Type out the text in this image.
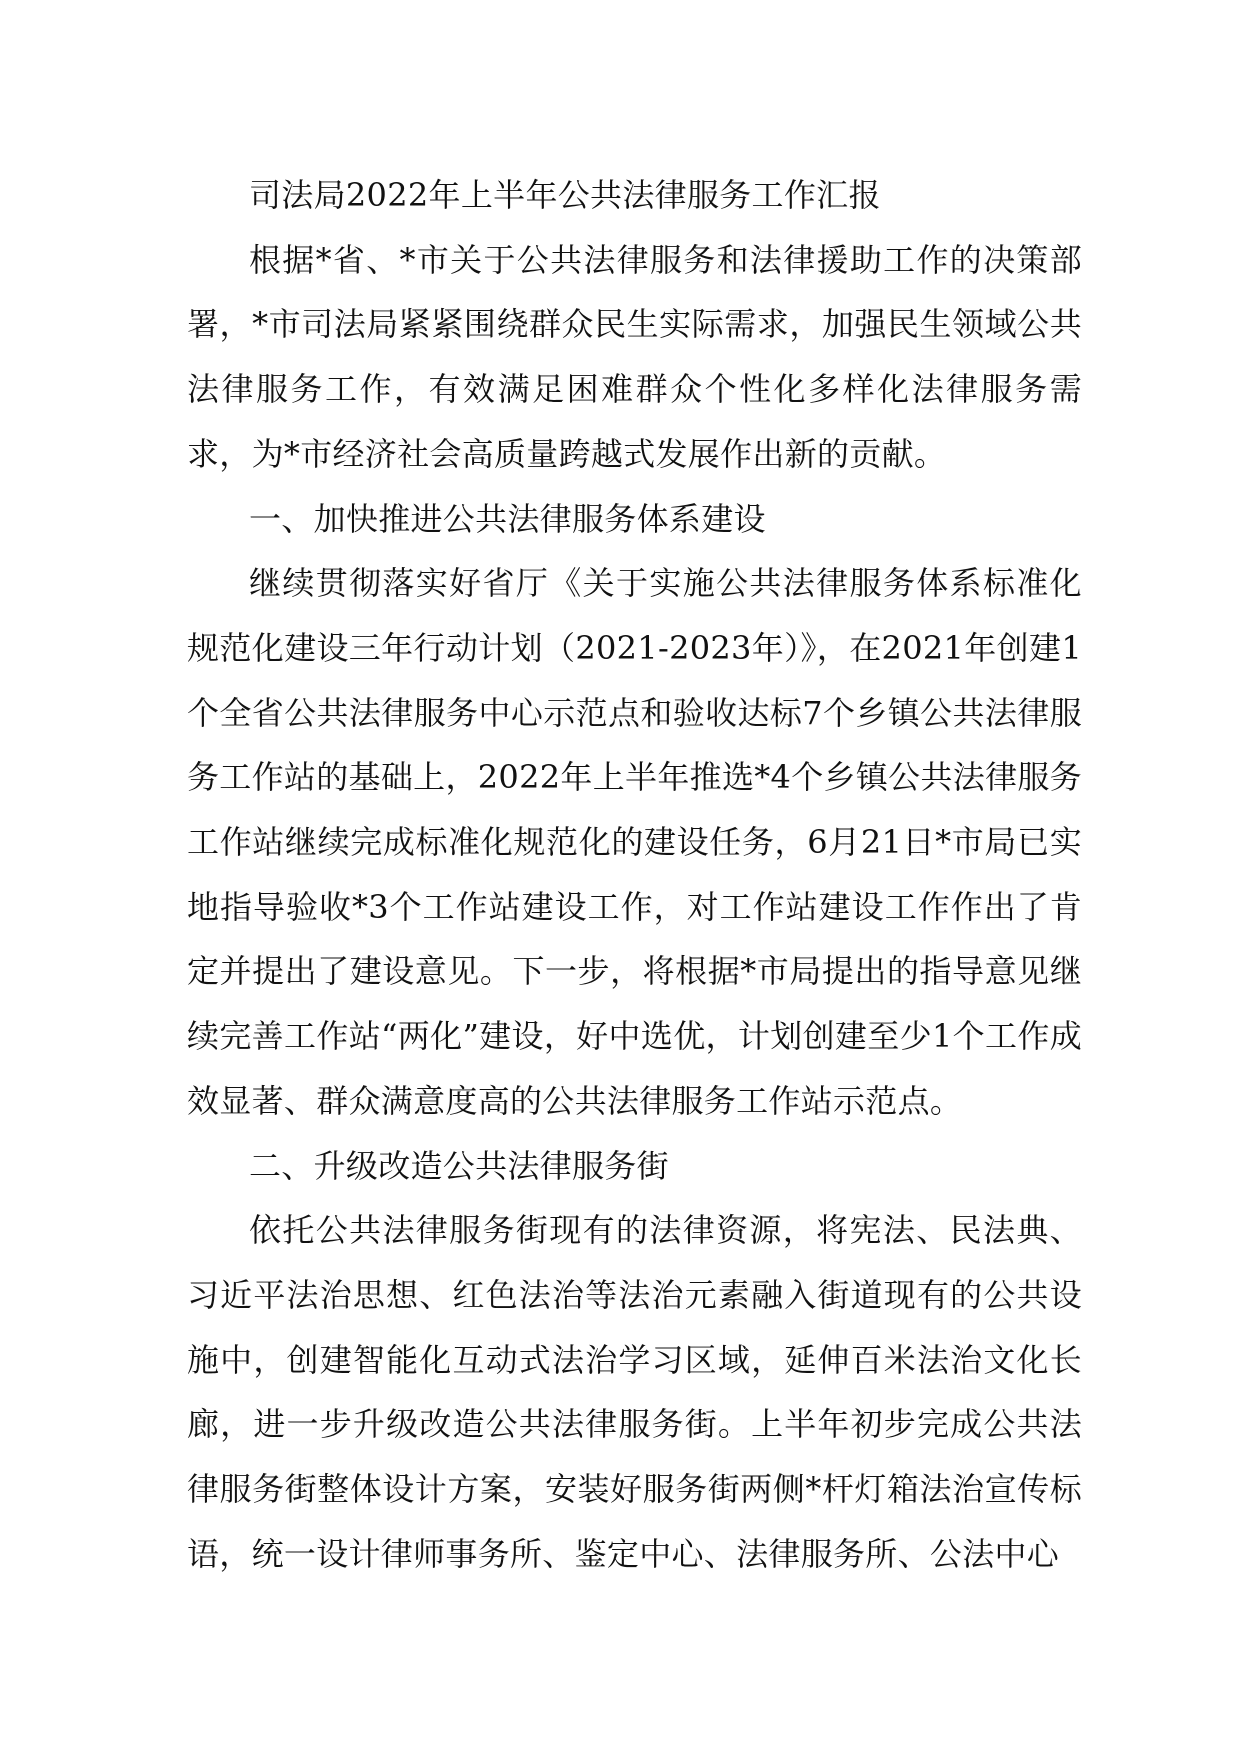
司法局2022年上半年公共法律服务工作汇报

根据*省、*市关于公共法律服务和法律援助工作的决策部署，*市司法局紧紧围绕群众民生实际需求，加强民生领域公共法律服务工作，有效满足困难群众个性化多样化法律服务需求，为*市经济社会高质量跨越式发展作出新的贡献。

一、加快推进公共法律服务体系建设

继续贯彻落实好省厅《关于实施公共法律服务体系标准化规范化建设三年行动计划（2021-2023年）》，在2021年创建1个全省公共法律服务中心示范点和验收达标7个乡镇公共法律服务工作站的基础上，2022年上半年推选*4个乡镇公共法律服务工作站继续完成标准化规范化的建设任务，6月21日*市局已实地指导验收*3个工作站建设工作，对工作站建设工作作出了肯定并提出了建设意见。下一步，将根据*市局提出的指导意见继续完善工作站“两化”建设，好中选优，计划创建至少1个工作成效显著、群众满意度高的公共法律服务工作站示范点。

二、升级改造公共法律服务街

依托公共法律服务街现有的法律资源，将宪法、民法典、习近平法治思想、红色法治等法治元素融入街道现有的公共设施中，创建智能化互动式法治学习区域，延伸百米法治文化长廊，进一步升级改造公共法律服务街。上半年初步完成公共法律服务街整体设计方案，安装好服务街两侧*杆灯箱法治宣传标语，统一设计律师事务所、鉴定中心、法律服务所、公法中心
